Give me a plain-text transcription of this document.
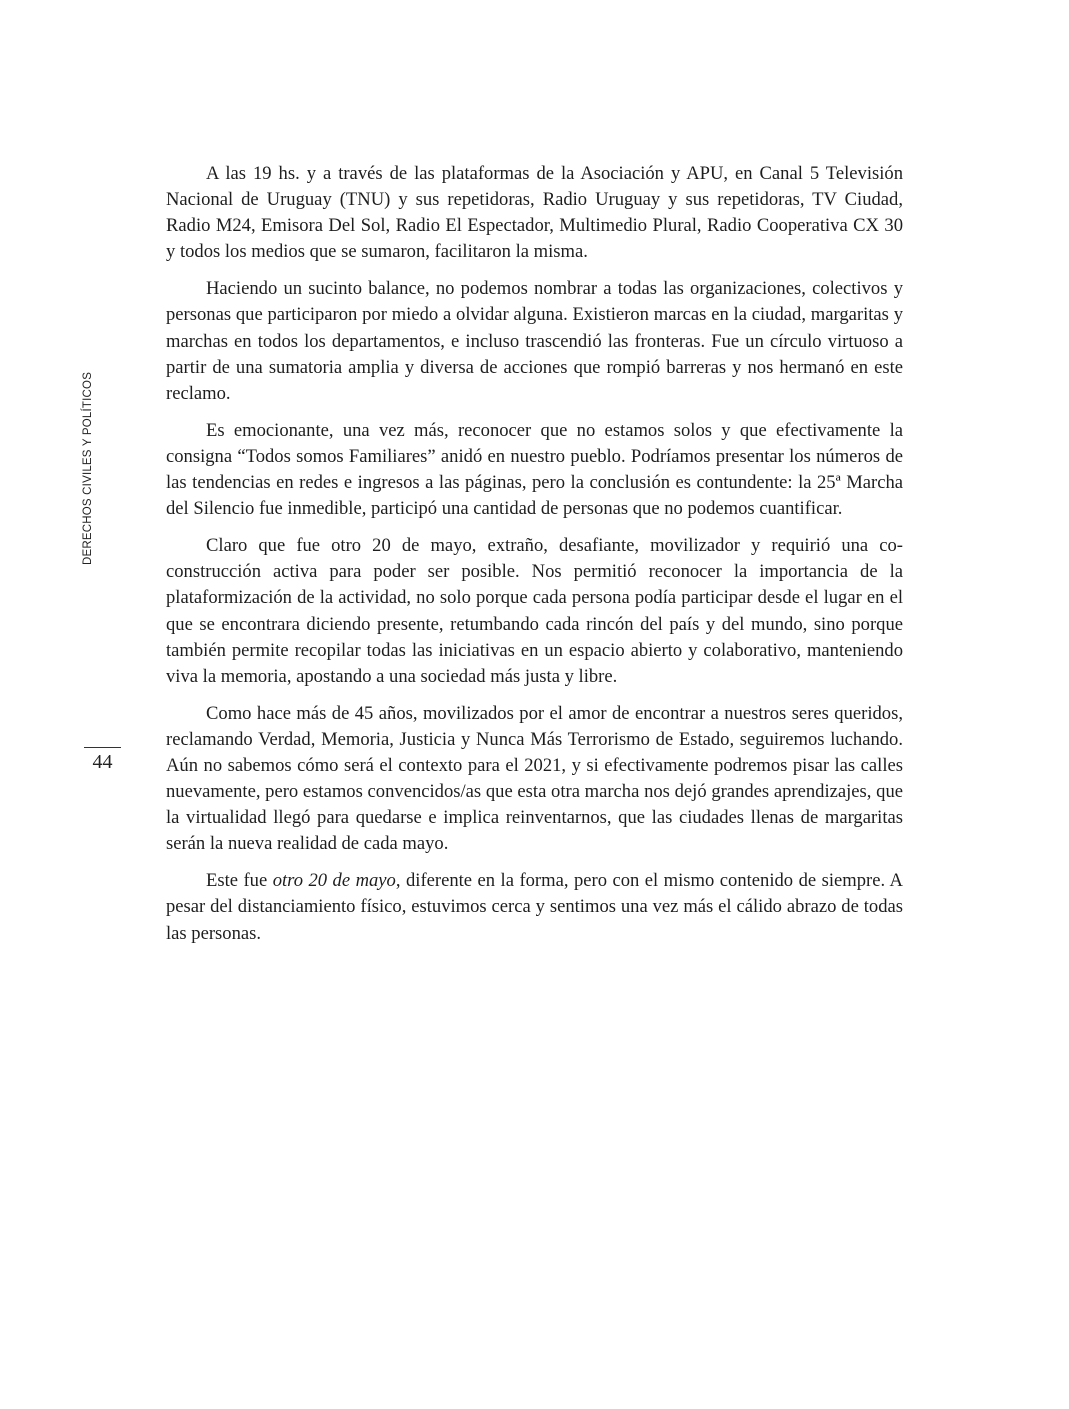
DERECHOS CIVILES Y POLÍTICOS
44

A las 19 hs. y a través de las plataformas de la Asociación y APU, en Canal 5 Televisión Nacional de Uruguay (TNU) y sus repetidoras, Radio Uruguay y sus repetidoras, TV Ciudad, Radio M24, Emisora Del Sol, Radio El Espectador, Multimedio Plural, Radio Cooperativa CX 30 y todos los medios que se sumaron, facilitaron la misma.

Haciendo un sucinto balance, no podemos nombrar a todas las organizaciones, colectivos y personas que participaron por miedo a olvidar alguna. Existieron marcas en la ciudad, margaritas y marchas en todos los departamentos, e incluso trascendió las fronteras. Fue un círculo virtuoso a partir de una sumatoria amplia y diversa de acciones que rompió barreras y nos hermanó en este reclamo.

Es emocionante, una vez más, reconocer que no estamos solos y que efectivamente la consigna “Todos somos Familiares” anidó en nuestro pueblo. Podríamos presentar los números de las tendencias en redes e ingresos a las páginas, pero la conclusión es contundente: la 25ª Marcha del Silencio fue inmedible, participó una cantidad de personas que no podemos cuantificar.

Claro que fue otro 20 de mayo, extraño, desafiante, movilizador y requirió una co-construcción activa para poder ser posible. Nos permitió reconocer la importancia de la plataformización de la actividad, no solo porque cada persona podía participar desde el lugar en el que se encontrara diciendo presente, retumbando cada rincón del país y del mundo, sino porque también permite recopilar todas las iniciativas en un espacio abierto y colaborativo, manteniendo viva la memoria, apostando a una sociedad más justa y libre.

Como hace más de 45 años, movilizados por el amor de encontrar a nuestros seres queridos, reclamando Verdad, Memoria, Justicia y Nunca Más Terrorismo de Estado, seguiremos luchando. Aún no sabemos cómo será el contexto para el 2021, y si efectivamente podremos pisar las calles nuevamente, pero estamos convencidos/as que esta otra marcha nos dejó grandes aprendizajes, que la virtualidad llegó para quedarse e implica reinventarnos, que las ciudades llenas de margaritas serán la nueva realidad de cada mayo.

Este fue otro 20 de mayo, diferente en la forma, pero con el mismo contenido de siempre. A pesar del distanciamiento físico, estuvimos cerca y sentimos una vez más el cálido abrazo de todas las personas.
